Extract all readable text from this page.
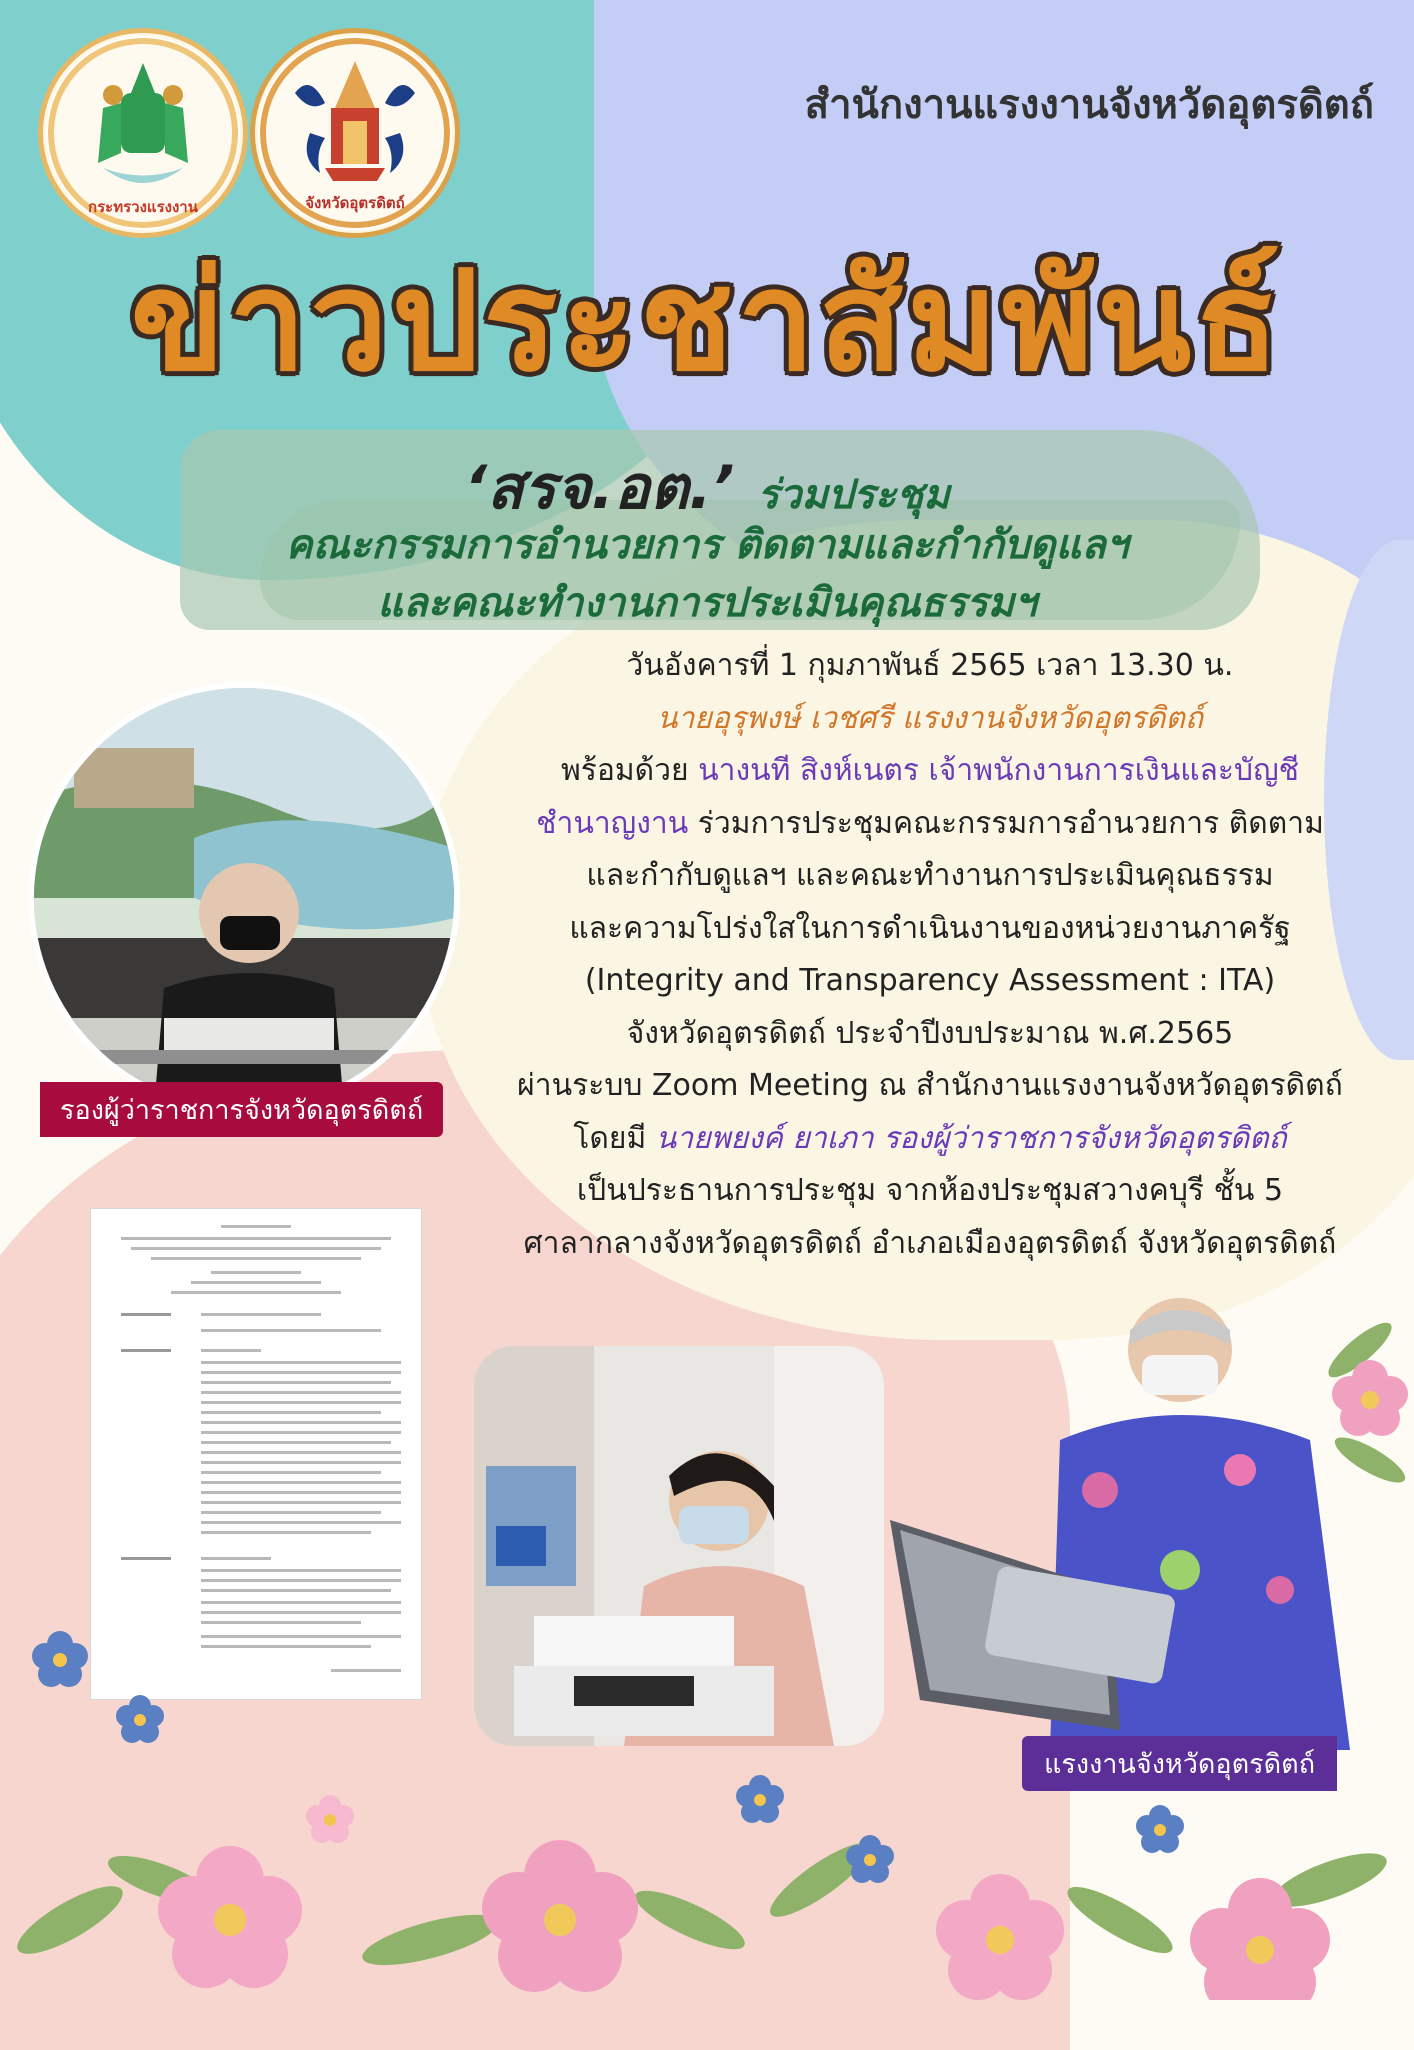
กระทรวงแรงงาน	จังหวัดอุตรดิตถ์
สำนักงานแรงงานจังหวัดอุตรดิตถ์
ข่าวประชาสัมพันธ์
‘สรจ.อต.’ ร่วมประชุม
คณะกรรมการอำนวยการ ติดตามและกำกับดูแลฯ
และคณะทำงานการประเมินคุณธรรมฯ

วันอังคารที่ 1 กุมภาพันธ์ 2565 เวลา 13.30 น.

นายอุรุพงษ์ เวชศรี แรงงานจังหวัดอุตรดิตถ์

พร้อมด้วย นางนที สิงห์เนตร เจ้าพนักงานการเงินและบัญชี

ชำนาญงาน ร่วมการประชุมคณะกรรมการอำนวยการ ติดตาม

และกำกับดูแลฯ และคณะทำงานการประเมินคุณธรรม

และความโปร่งใสในการดำเนินงานของหน่วยงานภาครัฐ

(Integrity and Transparency Assessment : ITA)

จังหวัดอุตรดิตถ์ ประจำปีงบประมาณ พ.ศ.2565

ผ่านระบบ Zoom Meeting ณ สำนักงานแรงงานจังหวัดอุตรดิตถ์

โดยมี นายพยงค์ ยาเภา รองผู้ว่าราชการจังหวัดอุตรดิตถ์

เป็นประธานการประชุม จากห้องประชุมสวางคบุรี ชั้น 5

ศาลากลางจังหวัดอุตรดิตถ์ อำเภอเมืองอุตรดิตถ์ จังหวัดอุตรดิตถ์

รองผู้ว่าราชการจังหวัดอุตรดิตถ์
แรงงานจังหวัดอุตรดิตถ์
